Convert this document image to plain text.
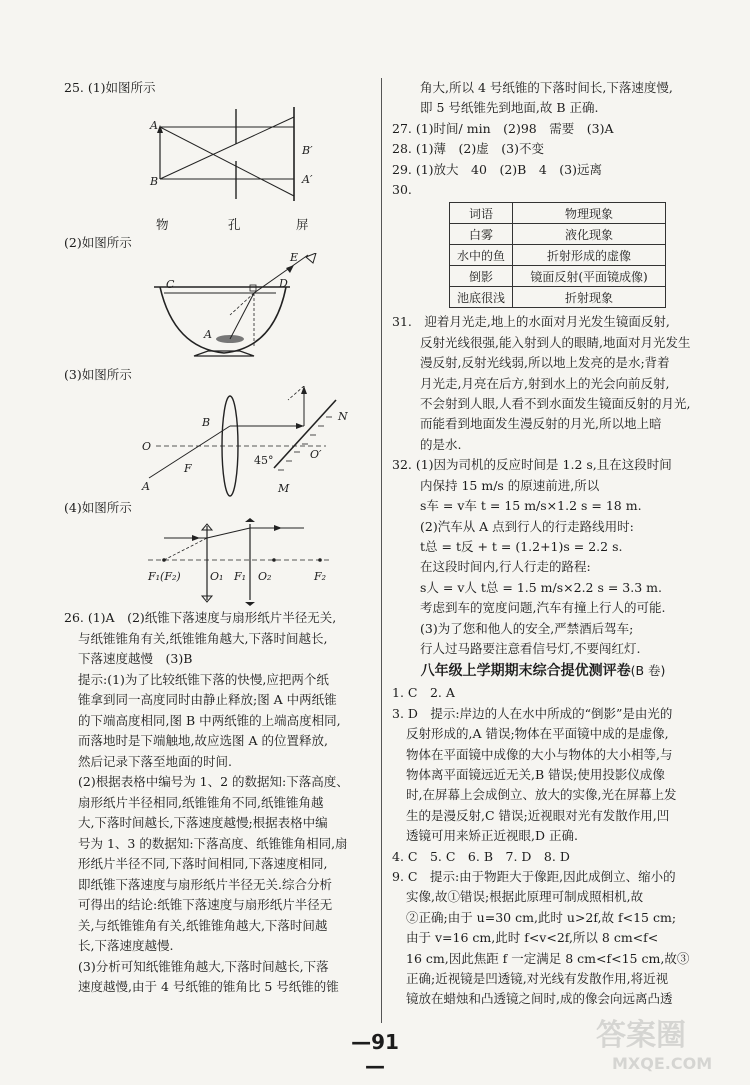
25. (1)如图所示
A
B
B′
A′
物	孔	屏
(2)如图所示
C
A
D
E
(3)如图所示
O
O′
B
F
A
45°
N
M
(4)如图所示
F₁(F₂)	O₁ F₁ O₂	F₂
26. (1)A　(2)纸锥下落速度与扇形纸片半径无关,
与纸锥锥角有关,纸锥锥角越大,下落时间越长,
下落速度越慢　(3)B
提示:(1)为了比较纸锥下落的快慢,应把两个纸
锥拿到同一高度同时由静止释放;图 A 中两纸锥
的下端高度相同,图 B 中两纸锥的上端高度相同,
而落地时是下端触地,故应选图 A 的位置释放,
然后记录下落至地面的时间.
(2)根据表格中编号为 1、2 的数据知:下落高度、
扇形纸片半径相同,纸锥锥角不同,纸锥锥角越
大,下落时间越长,下落速度越慢;根据表格中编
号为 1、3 的数据知:下落高度、纸锥锥角相同,扇
形纸片半径不同,下落时间相同,下落速度相同,
即纸锥下落速度与扇形纸片半径无关.综合分析
可得出的结论:纸锥下落速度与扇形纸片半径无
关,与纸锥锥角有关,纸锥锥角越大,下落时间越
长,下落速度越慢.
(3)分析可知纸锥锥角越大,下落时间越长,下落
速度越慢,由于 4 号纸锥的锥角比 5 号纸锥的锥
角大,所以 4 号纸锥的下落时间长,下落速度慢,
即 5 号纸锥先到地面,故 B 正确.
27. (1)时间/ min　(2)98　需要　(3)A
28. (1)薄　(2)虚　(3)不变
29. (1)放大　40　(2)B　4　(3)远离
30.
词语	物理现象
白雾	液化现象
水中的鱼	折射形成的虚像
倒影	镜面反射(平面镜成像)
池底很浅	折射现象
31.　迎着月光走,地上的水面对月光发生镜面反射,
反射光线很强,能入射到人的眼睛,地面对月光发生
漫反射,反射光线弱,所以地上发亮的是水;背着
月光走,月亮在后方,射到水上的光会向前反射,
不会射到人眼,人看不到水面发生镜面反射的月光,
而能看到地面发生漫反射的月光,所以地上暗
的是水.
32. (1)因为司机的反应时间是 1.2 s,且在这段时间
内保持 15 m/s 的原速前进,所以
s车 = v车 t = 15 m/s×1.2 s = 18 m.
(2)汽车从 A 点到行人的行走路线用时:
t总 = t反 + t = (1.2+1)s = 2.2 s.
在这段时间内,行人行走的路程:
s人 = v人 t总 = 1.5 m/s×2.2 s = 3.3 m.
考虑到车的宽度问题,汽车有撞上行人的可能.
(3)为了您和他人的安全,严禁酒后驾车;
行人过马路要注意看信号灯,不要闯红灯.
八年级上学期期末综合提优测评卷(B 卷)
1. C　2. A
3. D　提示:岸边的人在水中所成的“倒影”是由光的
反射形成的,A 错误;物体在平面镜中成的是虚像,
物体在平面镜中成像的大小与物体的大小相等,与
物体离平面镜远近无关,B 错误;使用投影仪成像
时,在屏幕上会成倒立、放大的实像,光在屏幕上发
生的是漫反射,C 错误;近视眼对光有发散作用,凹
透镜可用来矫正近视眼,D 正确.
4. C　5. C　6. B　7. D　8. D
9. C　提示:由于物距大于像距,因此成倒立、缩小的
实像,故①错误;根据此原理可制成照相机,故
②正确;由于 u=30 cm,此时 u>2f,故 f<15 cm;
由于 v=16 cm,此时 f<v<2f,所以 8 cm<f<
16 cm,因此焦距 f 一定满足 8 cm<f<15 cm,故③
正确;近视镜是凹透镜,对光线有发散作用,将近视
镜放在蜡烛和凸透镜之间时,成的像会向远离凸透
—91—
答案圈
MXQE.COM
